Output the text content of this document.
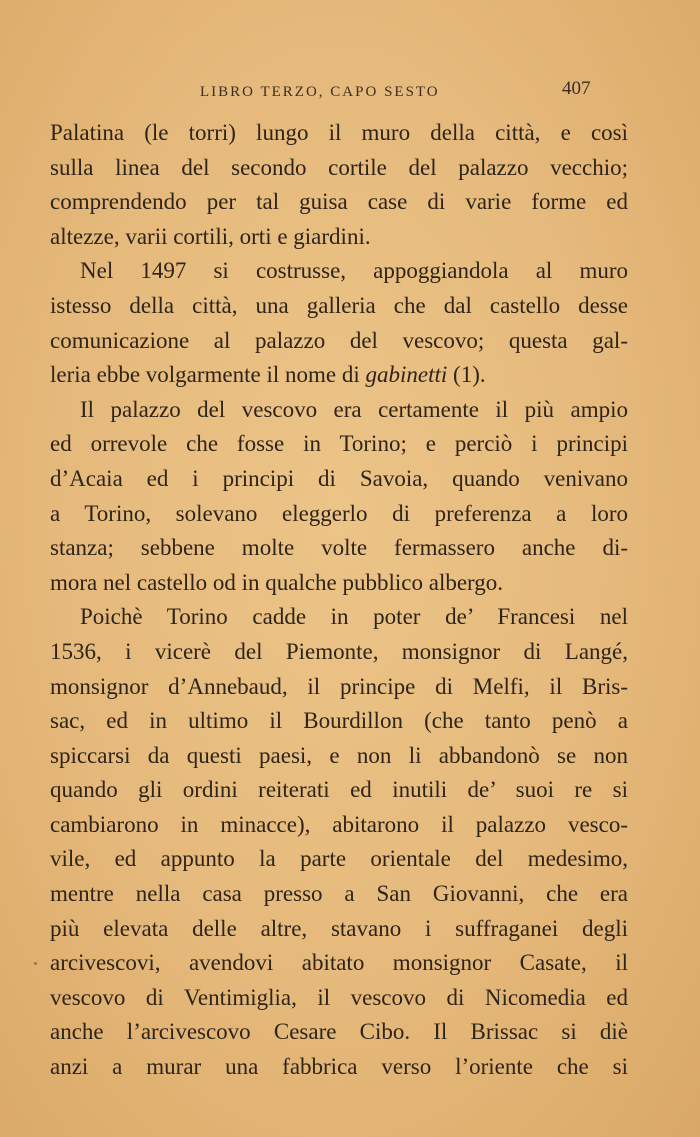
LIBRO TERZO, CAPO SESTO	407
Palatina (le torri) lungo il muro della città, e così
sulla linea del secondo cortile del palazzo vecchio;
comprendendo per tal guisa case di varie forme ed
altezze, varii cortili, orti e giardini.
Nel 1497 si costrusse, appoggiandola al muro
istesso della città, una galleria che dal castello desse
comunicazione al palazzo del vescovo; questa gal-
leria ebbe volgarmente il nome di gabinetti (1).
Il palazzo del vescovo era certamente il più ampio
ed orrevole che fosse in Torino; e perciò i principi
d’Acaia ed i principi di Savoia, quando venivano
a Torino, solevano eleggerlo di preferenza a loro
stanza; sebbene molte volte fermassero anche di-
mora nel castello od in qualche pubblico albergo.
Poichè Torino cadde in poter de’ Francesi nel
1536, i vicerè del Piemonte, monsignor di Langé,
monsignor d’Annebaud, il principe di Melfi, il Bris-
sac, ed in ultimo il Bourdillon (che tanto penò a
spiccarsi da questi paesi, e non li abbandonò se non
quando gli ordini reiterati ed inutili de’ suoi re si
cambiarono in minacce), abitarono il palazzo vesco-
vile, ed appunto la parte orientale del medesimo,
mentre nella casa presso a San Giovanni, che era
più elevata delle altre, stavano i suffraganei degli
arcivescovi, avendovi abitato monsignor Casate, il
vescovo di Ventimiglia, il vescovo di Nicomedia ed
anche l’arcivescovo Cesare Cibo. Il Brissac si diè
anzi a murar una fabbrica verso l’oriente che si
